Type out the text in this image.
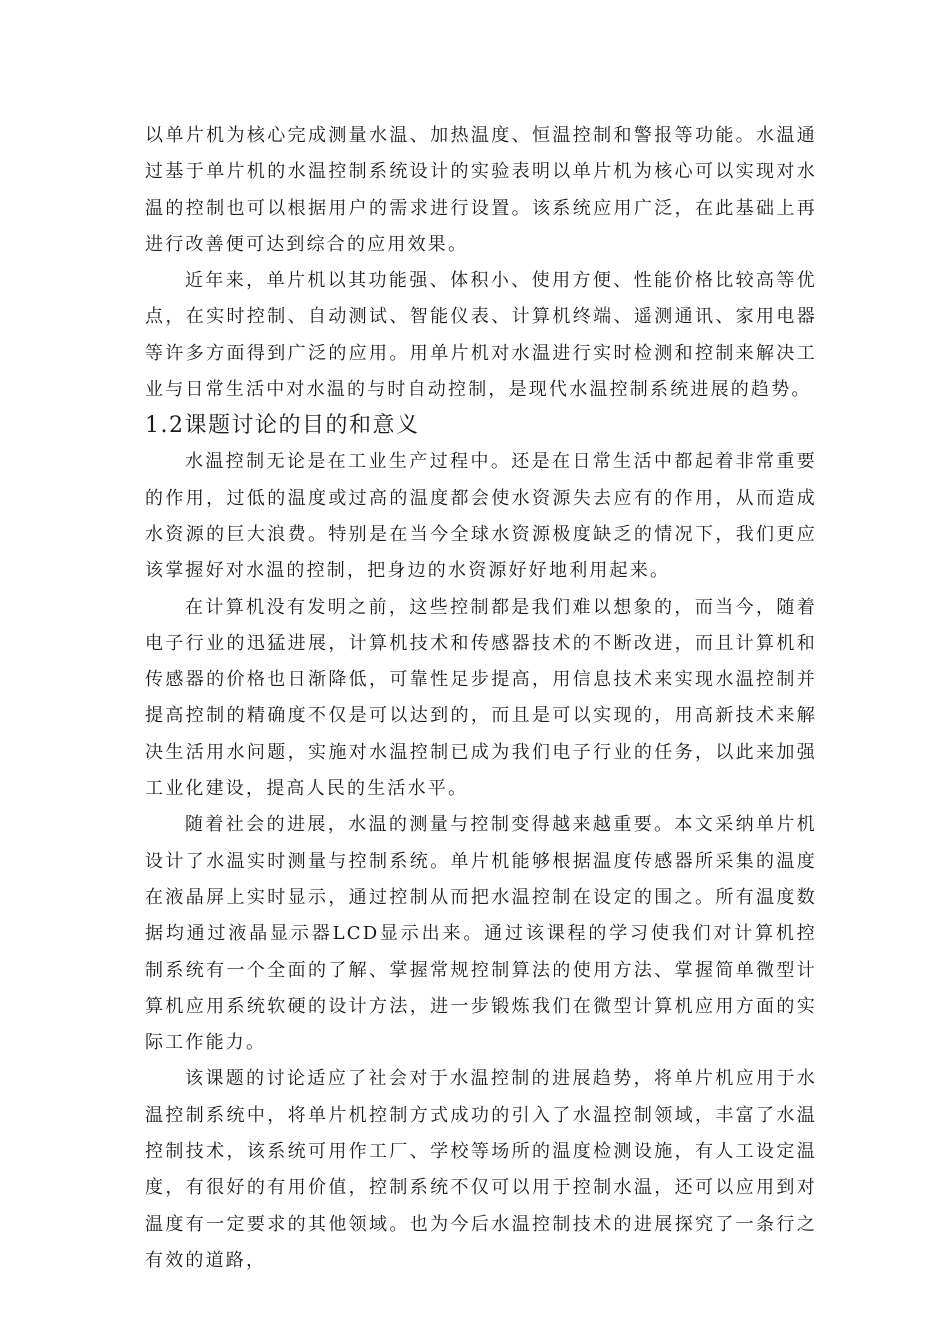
以单片机为核心完成测量水温、加热温度、恒温控制和警报等功能。水温通过基于单片机的水温控制系统设计的实验表明以单片机为核心可以实现对水温的控制也可以根据用户的需求进行设置。该系统应用广泛，在此基础上再进行改善便可达到综合的应用效果。

近年来，单片机以其功能强、体积小、使用方便、性能价格比较高等优点，在实时控制、自动测试、智能仪表、计算机终端、遥测通讯、家用电器等许多方面得到广泛的应用。用单片机对水温进行实时检测和控制来解决工业与日常生活中对水温的与时自动控制，是现代水温控制系统进展的趋势。

1.2课题讨论的目的和意义

水温控制无论是在工业生产过程中。还是在日常生活中都起着非常重要的作用，过低的温度或过高的温度都会使水资源失去应有的作用，从而造成水资源的巨大浪费。特别是在当今全球水资源极度缺乏的情况下，我们更应该掌握好对水温的控制，把身边的水资源好好地利用起来。

在计算机没有发明之前，这些控制都是我们难以想象的，而当今，随着电子行业的迅猛进展，计算机技术和传感器技术的不断改进，而且计算机和传感器的价格也日渐降低，可靠性足步提高，用信息技术来实现水温控制并提高控制的精确度不仅是可以达到的，而且是可以实现的，用高新技术来解决生活用水问题，实施对水温控制已成为我们电子行业的任务，以此来加强工业化建设，提高人民的生活水平。

随着社会的进展，水温的测量与控制变得越来越重要。本文采纳单片机设计了水温实时测量与控制系统。单片机能够根据温度传感器所采集的温度在液晶屏上实时显示，通过控制从而把水温控制在设定的围之。所有温度数据均通过液晶显示器LCD显示出来。通过该课程的学习使我们对计算机控制系统有一个全面的了解、掌握常规控制算法的使用方法、掌握简单微型计算机应用系统软硬的设计方法，进一步锻炼我们在微型计算机应用方面的实际工作能力。

该课题的讨论适应了社会对于水温控制的进展趋势，将单片机应用于水温控制系统中，将单片机控制方式成功的引入了水温控制领域，丰富了水温控制技术，该系统可用作工厂、学校等场所的温度检测设施，有人工设定温度，有很好的有用价值，控制系统不仅可以用于控制水温，还可以应用到对温度有一定要求的其他领域。也为今后水温控制技术的进展探究了一条行之有效的道路，
